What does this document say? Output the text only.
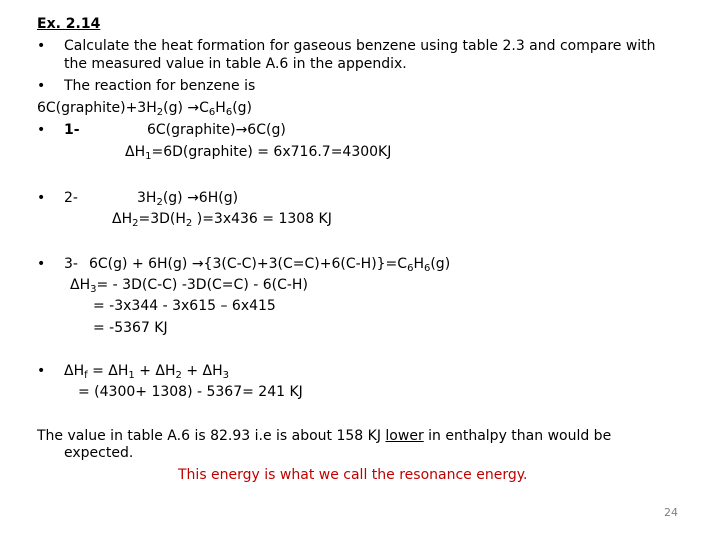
Ex. 2.14
• Calculate the heat formation for gaseous benzene using table 2.3 and compare with
the measured value in table A.6 in the appendix.
• The reaction for benzene is
$6C(graphite)+3H_2(g) \to C_6H_6(g)$
• 1-	6C(graphite)→6C(g)
$\Delta H_1=6D(graphite) = 6x716.7=4300KJ$
• 2-	$3H_2(g) \to 6H(g)$
$\Delta H_2=3D(H_2$ )=3x436 = 1308 KJ
• 3- $6C(g) + 6H(g) \to\{3(C-C)+3(C=C)+6(C-H)\}=C_6H_6(g)$
$\Delta H_3= - 3D(C-C)$ -3D(C=C) - 6(C-H)
= -3x344 - 3x615 – 6x415
= -5367 KJ
• $\Delta H_f = \Delta H_1 + \Delta H_2 + \Delta H_3$
= (4300+ 1308) - 5367= 241 KJ
The value in table A.6 is 82.93 i.e is about 158 KJ lower in enthalpy than would be
expected.
This energy is what we call the resonance energy.
24
